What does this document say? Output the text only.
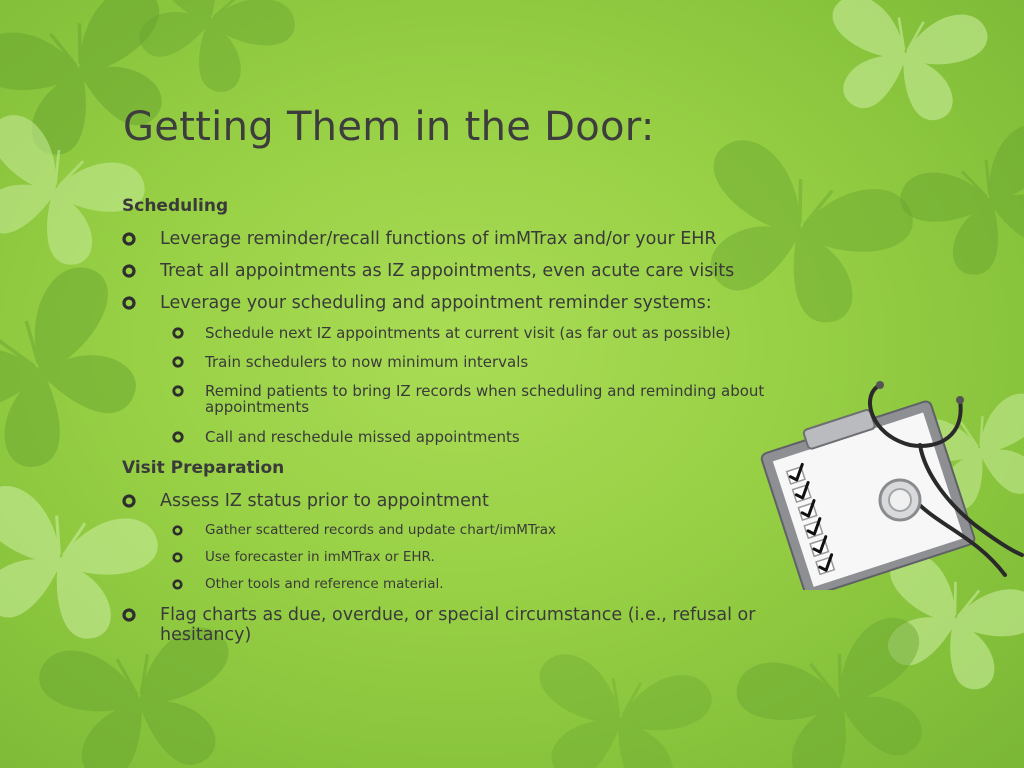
Getting Them in the Door:
Scheduling
Leverage reminder/recall functions of imMTrax and/or your EHR
Treat all appointments as IZ appointments, even acute care visits
Leverage your scheduling and appointment reminder systems:
Schedule next IZ appointments at current visit (as far out as possible)
Train schedulers to now minimum intervals
Remind patients to bring IZ records when scheduling and reminding about appointments
Call and reschedule missed appointments
Visit Preparation
Assess IZ status prior to appointment
Gather scattered records and update chart/imMTrax
Use forecaster in imMTrax or EHR.
Other tools and reference material.
Flag charts as due, overdue, or special circumstance (i.e., refusal or hesitancy)
